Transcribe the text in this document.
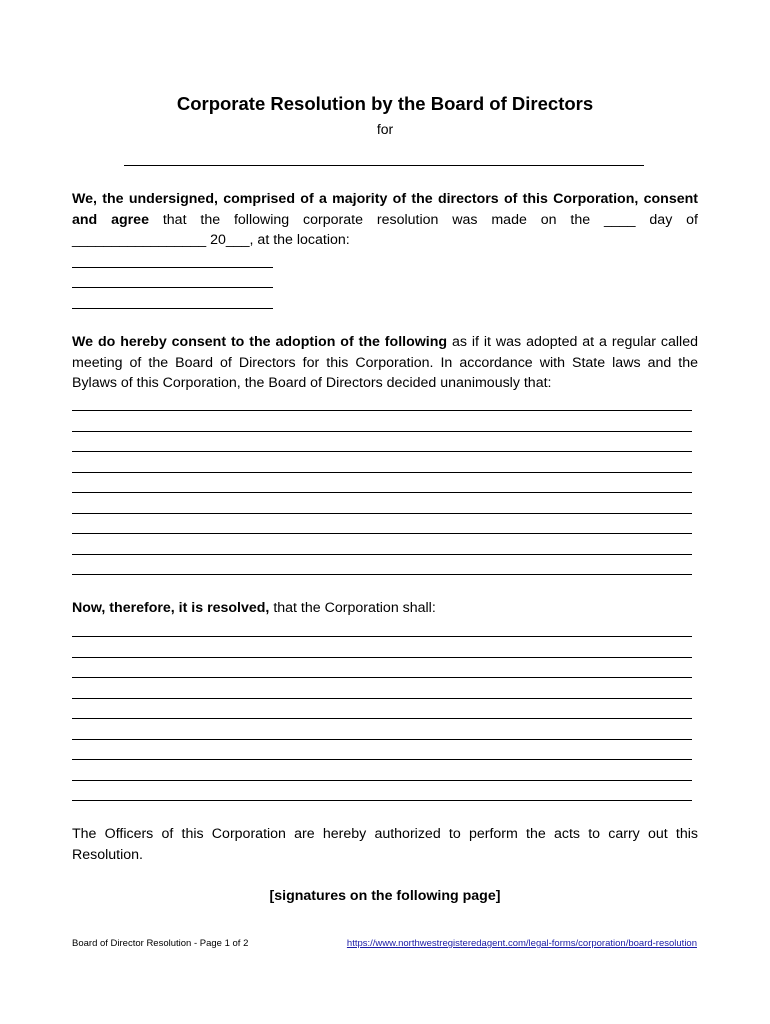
Corporate Resolution by the Board of Directors
for
We, the undersigned, comprised of a majority of the directors of this Corporation, consent and agree that the following corporate resolution was made on the ____ day of _________________ 20___, at the location:
We do hereby consent to the adoption of the following as if it was adopted at a regular called meeting of the Board of Directors for this Corporation. In accordance with State laws and the Bylaws of this Corporation, the Board of Directors decided unanimously that:
Now, therefore, it is resolved, that the Corporation shall:
The Officers of this Corporation are hereby authorized to perform the acts to carry out this Resolution.
[signatures on the following page]
Board of Director Resolution - Page 1 of 2	https://www.northwestregisteredagent.com/legal-forms/corporation/board-resolution
